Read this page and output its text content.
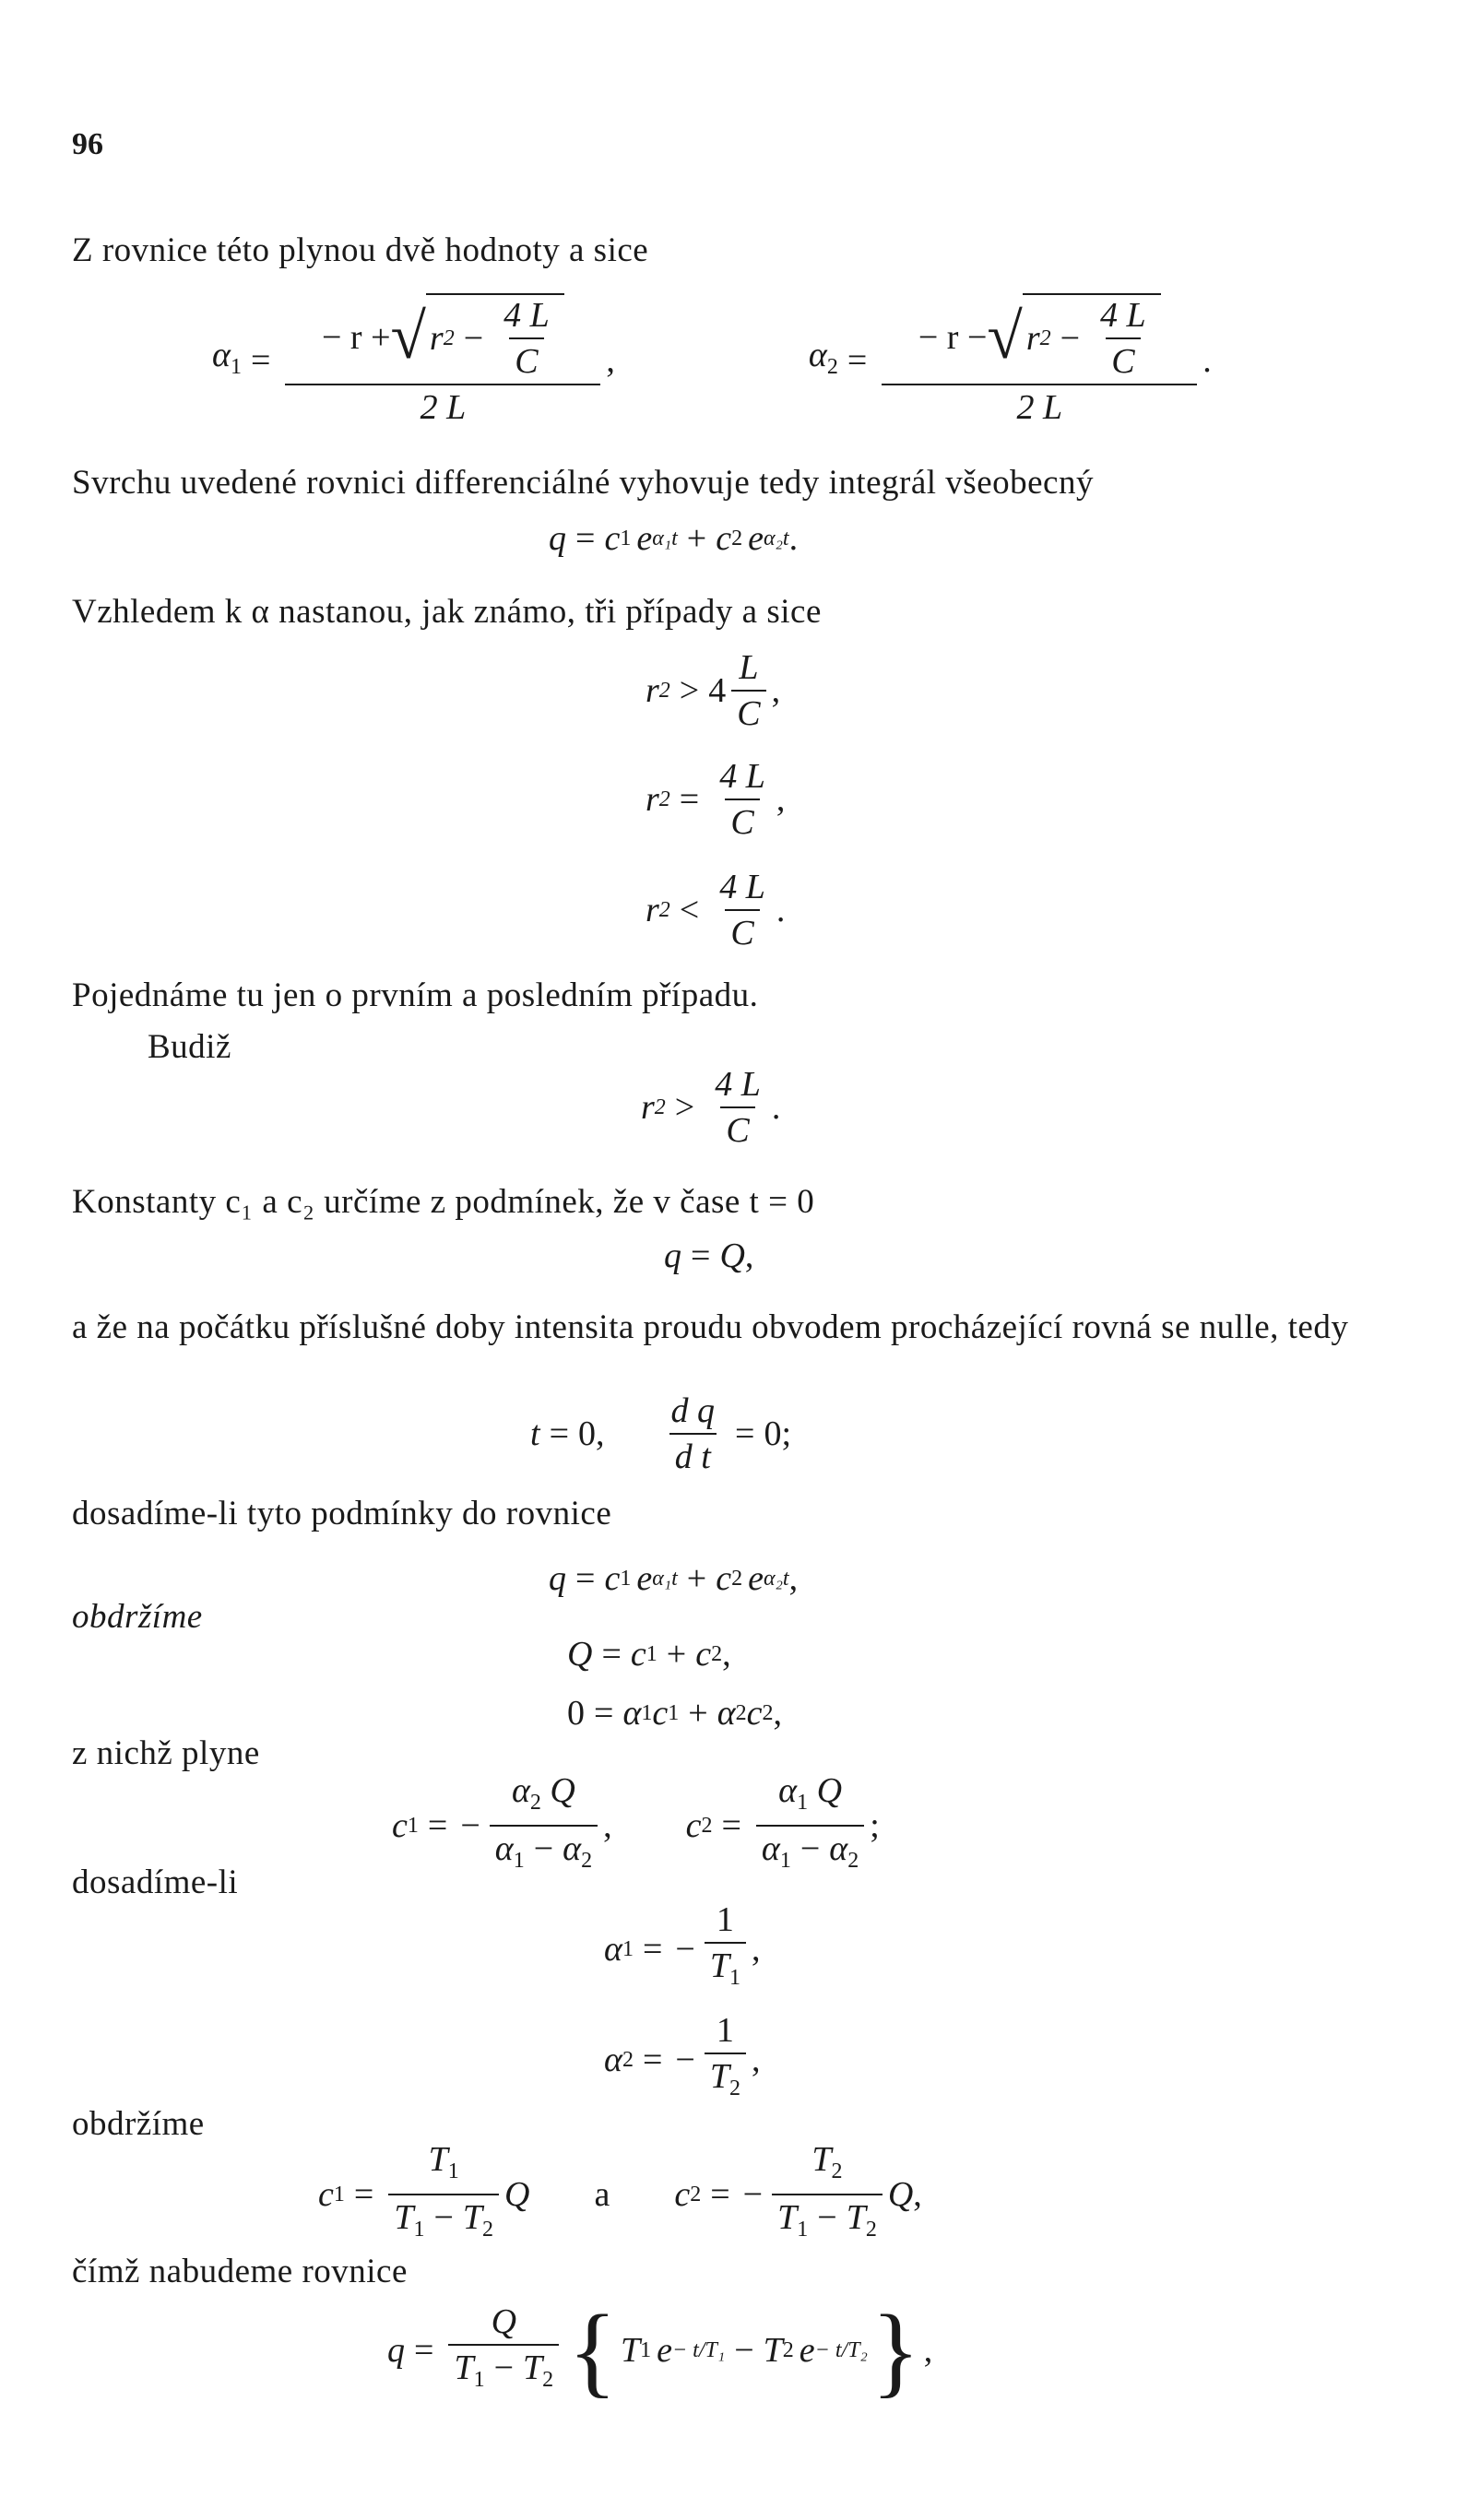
96
Z rovnice této plynou dvě hodnoty a sice
$\alpha_1 = \frac{- r + √ r 2 - \frac{4 L}{C}}{2 L}$ ,	$\alpha_2 = \frac{- r - √ r 2 - \frac{4 L}{C}}{2 L}$ .
Svrchu uvedené rovnici differenciálné vyhovuje tedy integrál všeobecný
q = c 1 e α₁t + c 2 e α₂t .
Vzhledem k α nastanou, jak známo, tři případy a sice
r $2 > 4 \frac{L}{C}$ ,
r $2 = \frac{4 L}{C}$ ,
r $2 < \frac{4 L}{C}$ .
Pojednáme tu jen o prvním a posledním případu.
Budiž
r $2 > \frac{4 L}{C}$ .
Konstanty c₁ a c₂ určíme z podmínek, že v čase t = 0
q = Q ,
a že na počátku příslušné doby intensita proudu obvodem procházející rovná se nulle, tedy
t = 0 , $\frac{\text{d q}}{\text{d t}} = 0$ ;
dosadíme-li tyto podmínky do rovnice
q = c 1 e α₁t + c 2 e α₂t ,
obdržíme
Q = c 1 + c 2 ,
0 = α 1 c 1 + α 2 c 2 ,
z nichž plyne
c 1 = − $\frac{\alpha_2 Q}{\alpha_1 - \alpha_2}$ , c $2 = \frac{\alpha_1 Q}{\alpha_1 - \alpha_2}$ ;
dosadíme-li
α 1 = − $\frac{1}{T_1}$ ,
α 2 = − $\frac{1}{T_2}$ ,
obdržíme
c $1 = \frac{T_1}{T_1 - T_2}$ Q a c 2 = − $\frac{T_2}{T_1 - T_2}$ Q ,
čímž nabudeme rovnice
$q = \frac{Q}{T_1 - T_2}$ { T 1 e − t/T₁ − T 2 e − t/T₂ } ,
